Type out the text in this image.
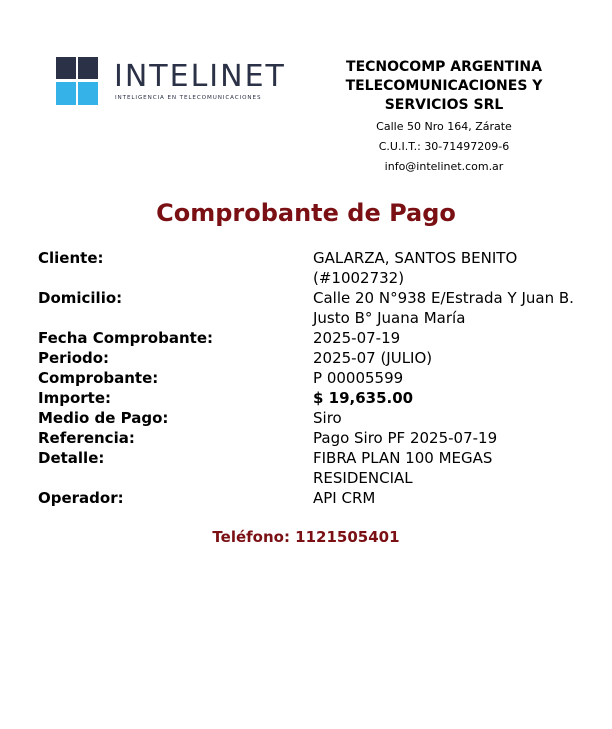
INTELINET
INTELIGENCIA EN TELECOMUNICACIONES
TECNOCOMP ARGENTINA TELECOMUNICACIONES Y SERVICIOS SRL
Calle 50 Nro 164, Zárate
C.U.I.T.: 30-71497209-6
info@intelinet.com.ar
Comprobante de Pago
Cliente:	GALARZA, SANTOS BENITO (#1002732)
Domicilio:	Calle 20 N°938 E/Estrada Y Juan B. Justo B° Juana María
Fecha Comprobante:	2025-07-19
Periodo:	2025-07 (JULIO)
Comprobante:	P 00005599
Importe:	$ 19,635.00
Medio de Pago:	Siro
Referencia:	Pago Siro PF 2025-07-19
Detalle:	FIBRA PLAN 100 MEGAS RESIDENCIAL
Operador:	API CRM
Teléfono: 1121505401
